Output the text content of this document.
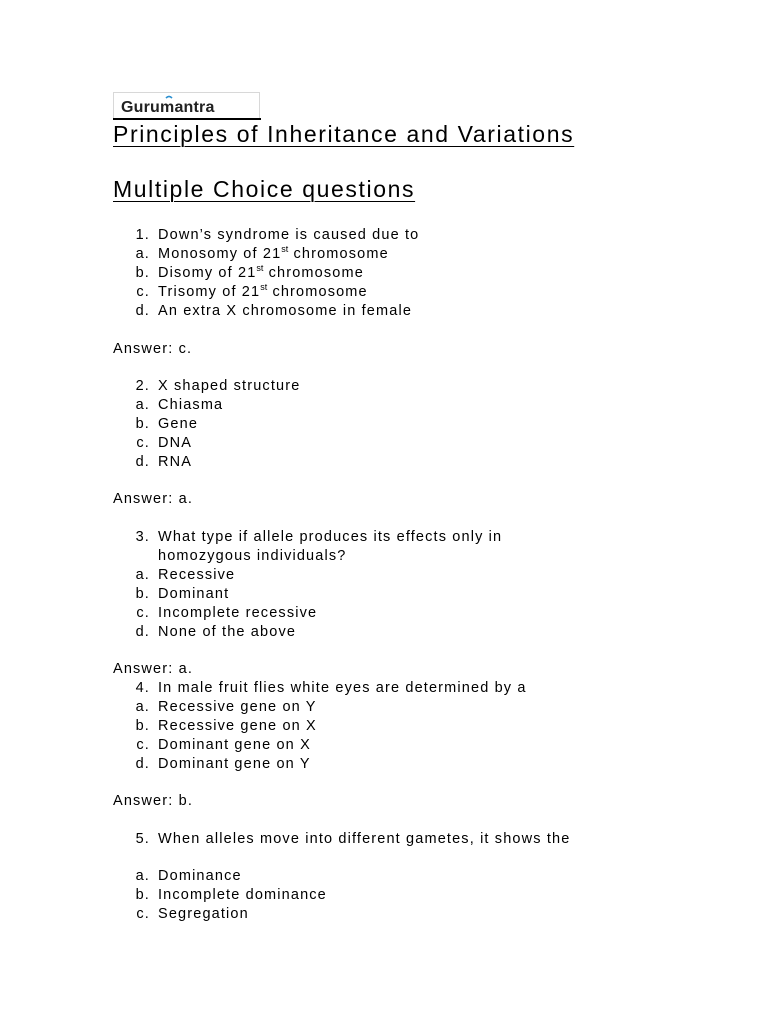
Gurumantra
Principles of Inheritance and Variations
Multiple Choice questions
1. Down’s syndrome is caused due to
a. Monosomy of 21st chromosome
b. Disomy of 21st chromosome
c. Trisomy of 21st chromosome
d. An extra X chromosome in female
Answer: c.
2. X shaped structure
a. Chiasma
b. Gene
c. DNA
d. RNA
Answer: a.
3. What type if allele produces its effects only in
homozygous individuals?
a. Recessive
b. Dominant
c. Incomplete recessive
d. None of the above
Answer: a.
4. In male fruit flies white eyes are determined by a
a. Recessive gene on Y
b. Recessive gene on X
c. Dominant gene on X
d. Dominant gene on Y
Answer: b.
5. When alleles move into different gametes, it shows the
a. Dominance
b. Incomplete dominance
c. Segregation
